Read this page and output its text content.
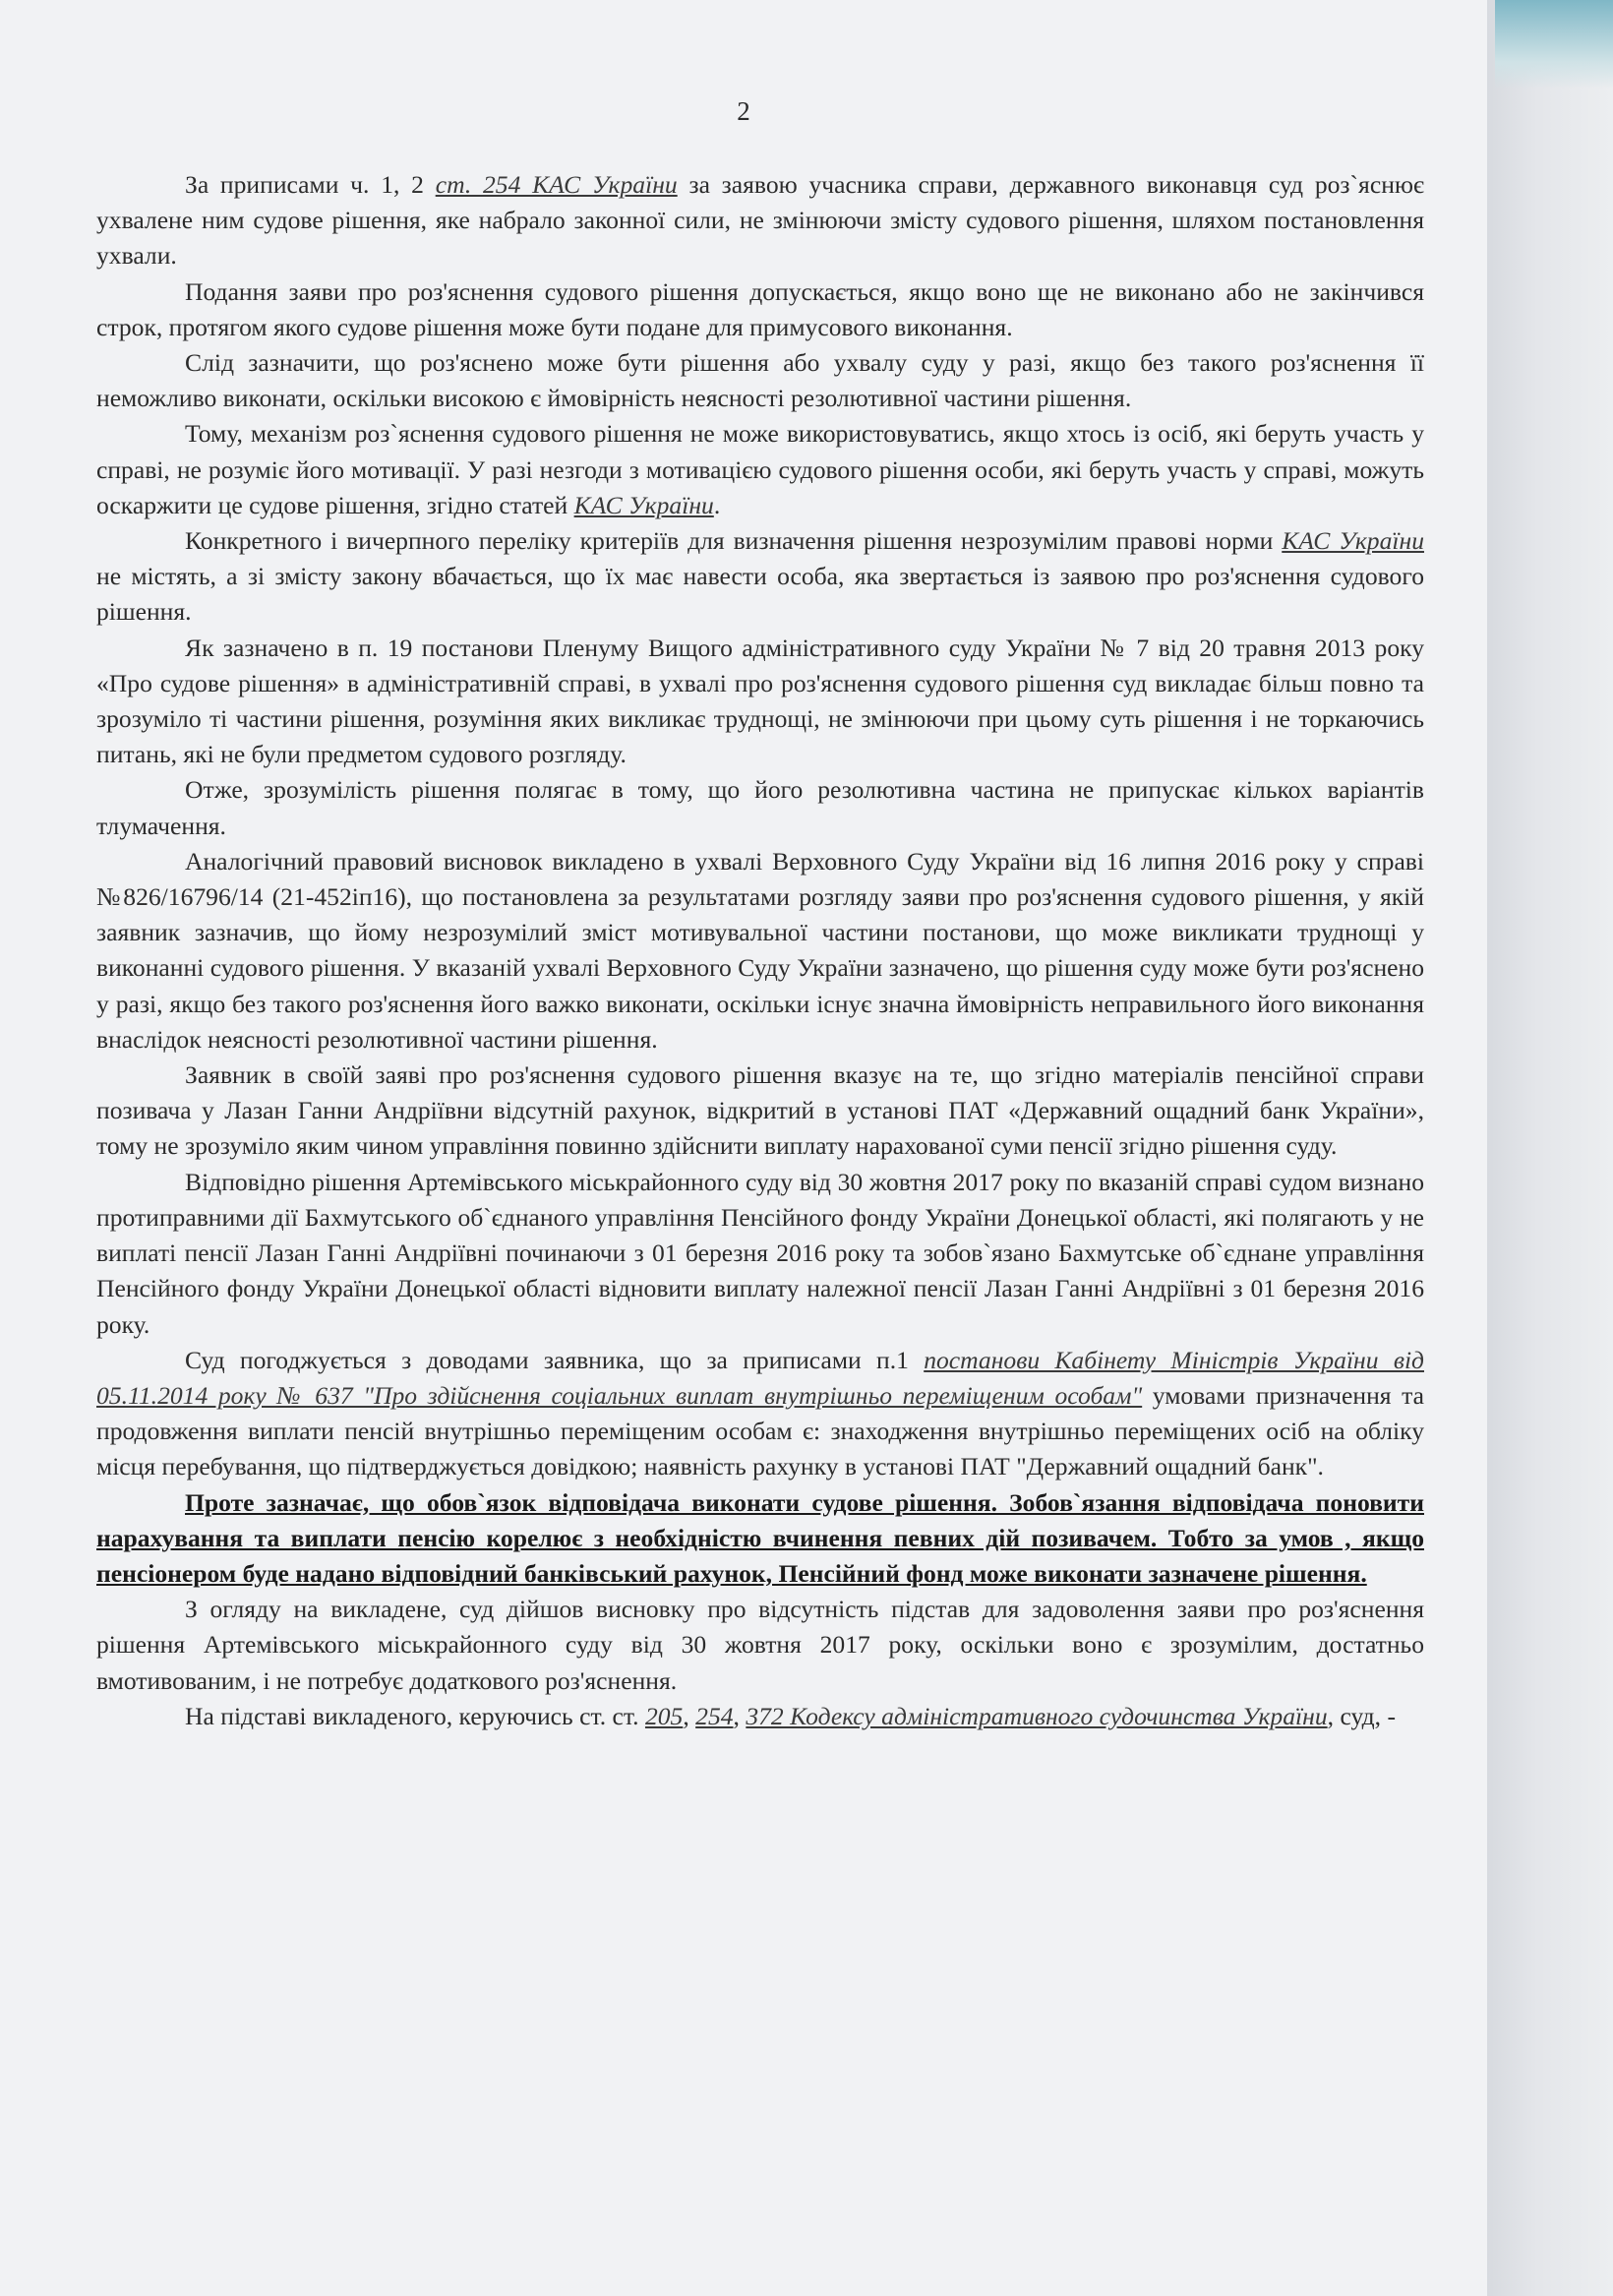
2

За приписами ч. 1, 2 ст. 254 КАС України за заявою учасника справи, державного виконавця суд роз`яснює ухвалене ним судове рішення, яке набрало законної сили, не змінюючи змісту судового рішення, шляхом постановлення ухвали.

Подання заяви про роз'яснення судового рішення допускається, якщо воно ще не виконано або не закінчився строк, протягом якого судове рішення може бути подане для примусового виконання.

Слід зазначити, що роз'яснено може бути рішення або ухвалу суду у разі, якщо без такого роз'яснення її неможливо виконати, оскільки високою є ймовірність неясності резолютивної частини рішення.

Тому, механізм роз`яснення судового рішення не може використовуватись, якщо хтось із осіб, які беруть участь у справі, не розуміє його мотивації. У разі незгоди з мотивацією судового рішення особи, які беруть участь у справі, можуть оскаржити це судове рішення, згідно статей КАС України.

Конкретного і вичерпного переліку критеріїв для визначення рішення незрозумілим правові норми КАС України не містять, а зі змісту закону вбачається, що їх має навести особа, яка звертається із заявою про роз'яснення судового рішення.

Як зазначено в п. 19 постанови Пленуму Вищого адміністративного суду України № 7 від 20 травня 2013 року «Про судове рішення» в адміністративній справі, в ухвалі про роз'яснення судового рішення суд викладає більш повно та зрозуміло ті частини рішення, розуміння яких викликає труднощі, не змінюючи при цьому суть рішення і не торкаючись питань, які не були предметом судового розгляду.

Отже, зрозумілість рішення полягає в тому, що його резолютивна частина не припускає кількох варіантів тлумачення.

Аналогічний правовий висновок викладено в ухвалі Верховного Суду України від 16 липня 2016 року у справі №826/16796/14 (21-452іп16), що постановлена за результатами розгляду заяви про роз'яснення судового рішення, у якій заявник зазначив, що йому незрозумілий зміст мотивувальної частини постанови, що може викликати труднощі у виконанні судового рішення. У вказаній ухвалі Верховного Суду України зазначено, що рішення суду може бути роз'яснено у разі, якщо без такого роз'яснення його важко виконати, оскільки існує значна ймовірність неправильного його виконання внаслідок неясності резолютивної частини рішення.

Заявник в своїй заяві про роз'яснення судового рішення вказує на те, що згідно матеріалів пенсійної справи позивача у Лазан Ганни Андріївни відсутній рахунок, відкритий в установі ПАТ «Державний ощадний банк України», тому не зрозуміло яким чином управління повинно здійснити виплату нарахованої суми пенсії згідно рішення суду.

Відповідно рішення Артемівського міськрайонного суду від 30 жовтня 2017 року по вказаній справі судом визнано протиправними дії Бахмутського об`єднаного управління Пенсійного фонду України Донецької області, які полягають у не виплаті пенсії Лазан Ганні Андріївні починаючи з 01 березня 2016 року та зобов`язано Бахмутське об`єднане управління Пенсійного фонду України Донецької області відновити виплату належної пенсії Лазан Ганні Андріївні з 01 березня 2016 року.

Суд погоджується з доводами заявника, що за приписами п.1 постанови Кабінету Міністрів України від 05.11.2014 року № 637 "Про здійснення соціальних виплат внутрішньо переміщеним особам" умовами призначення та продовження виплати пенсій внутрішньо переміщеним особам є: знаходження внутрішньо переміщених осіб на обліку місця перебування, що підтверджується довідкою; наявність рахунку в установі ПАТ "Державний ощадний банк".

Проте зазначає, що обов`язок відповідача виконати судове рішення. Зобов`язання відповідача поновити нарахування та виплати пенсію корелює з необхідністю вчинення певних дій позивачем. Тобто за умов , якщо пенсіонером буде надано відповідний банківський рахунок, Пенсійний фонд може виконати зазначене рішення.

З огляду на викладене, суд дійшов висновку про відсутність підстав для задоволення заяви про роз'яснення рішення Артемівського міськрайонного суду від 30 жовтня 2017 року, оскільки воно є зрозумілим, достатньо вмотивованим, і не потребує додаткового роз'яснення.

На підставі викладеного, керуючись ст. ст. 205, 254, 372 Кодексу адміністративного судочинства України, суд, -
